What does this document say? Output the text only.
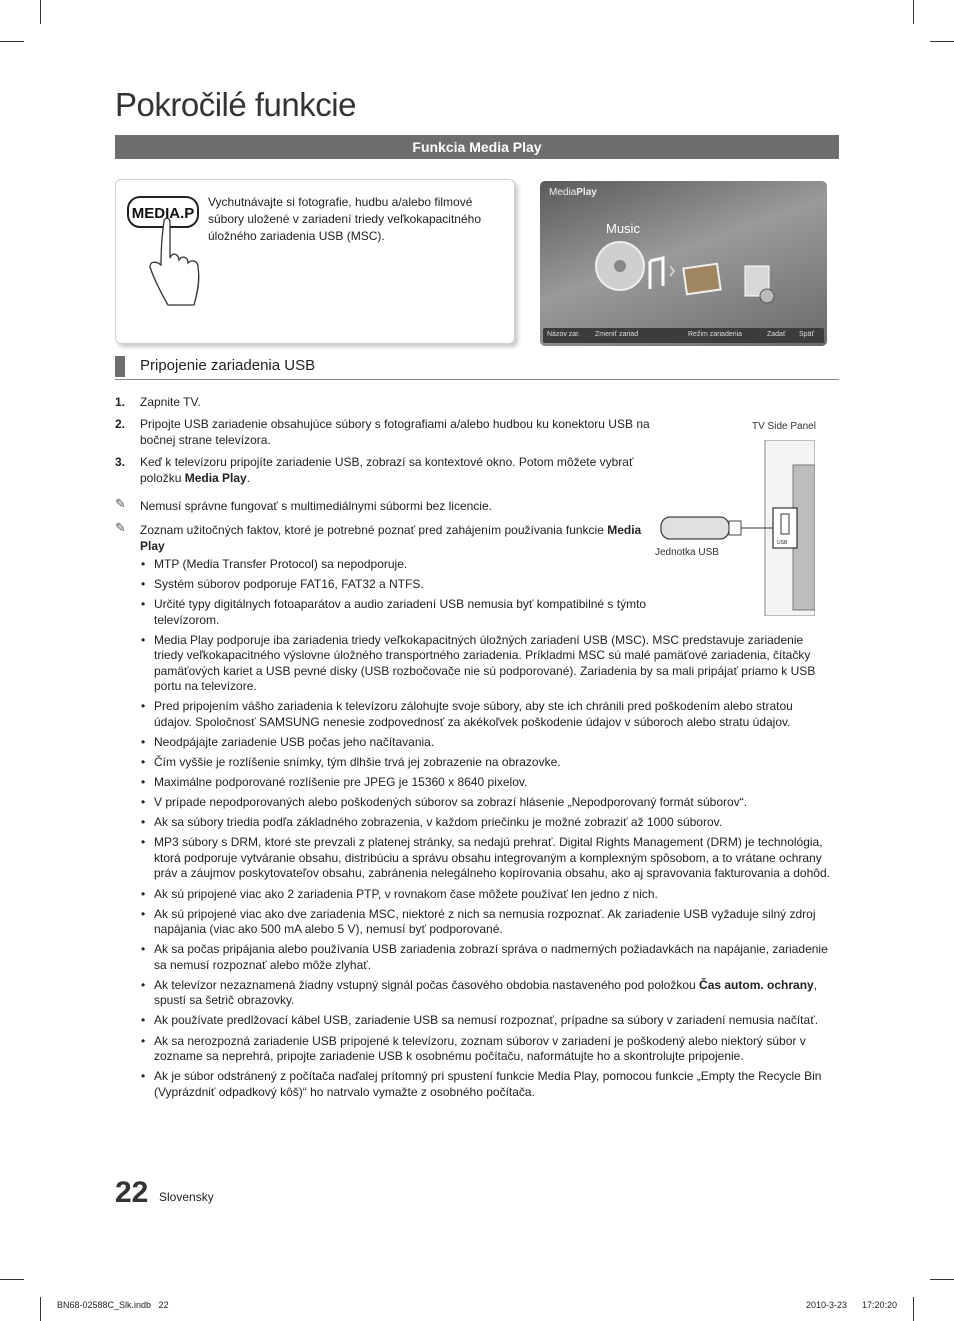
Pokročilé funkcie
Funkcia Media Play
MEDIA.P
Vychutnávajte si fotografie, hudbu a/alebo filmové súbory uložené v zariadení triedy veľkokapacitného úložného zariadenia USB (MSC).
MediaPlay
Music
Názov zar. Zmeniť zariad	Režim zariadenia	Zadať Späť
Pripojenie zariadenia USB
1. Zapnite TV.
2. Pripojte USB zariadenie obsahujúce súbory s fotografiami a/alebo hudbou ku konektoru USB na bočnej strane televízora.
3. Keď k televízoru pripojíte zariadenie USB, zobrazí sa kontextové okno. Potom môžete vybrať položku Media Play.
✎ Nemusí správne fungovať s multimediálnymi súbormi bez licencie.
✎ Zoznam užitočných faktov, ktoré je potrebné poznať pred zahájením používania funkcie Media Play
• MTP (Media Transfer Protocol) sa nepodporuje.
• Systém súborov podporuje FAT16, FAT32 a NTFS.
• Určité typy digitálnych fotoaparátov a audio zariadení USB nemusia byť kompatibilné s týmto televízorom.
• Media Play podporuje iba zariadenia triedy veľkokapacitných úložných zariadení USB (MSC). MSC predstavuje zariadenie triedy veľkokapacitného výslovne úložného transportného zariadenia. Príkladmi MSC sú malé pamäťové zariadenia, čítačky pamäťových kariet a USB pevné disky (USB rozbočovače nie sú podporované). Zariadenia by sa mali pripájať priamo k USB portu na televízore.
• Pred pripojením vášho zariadenia k televízoru zálohujte svoje súbory, aby ste ich chránili pred poškodením alebo stratou údajov. Spoločnosť SAMSUNG nenesie zodpovednosť za akékoľvek poškodenie údajov v súboroch alebo stratu údajov.
• Neodpájajte zariadenie USB počas jeho načítavania.
• Čím vyššie je rozlíšenie snímky, tým dlhšie trvá jej zobrazenie na obrazovke.
• Maximálne podporované rozlíšenie pre JPEG je 15360 x 8640 pixelov.
• V prípade nepodporovaných alebo poškodených súborov sa zobrazí hlásenie „Nepodporovaný formát súborov“.
• Ak sa súbory triedia podľa základného zobrazenia, v každom priečinku je možné zobraziť až 1000 súborov.
• MP3 súbory s DRM, ktoré ste prevzali z platenej stránky, sa nedajú prehrať. Digital Rights Management (DRM) je technológia, ktorá podporuje vytváranie obsahu, distribúciu a správu obsahu integrovaným a komplexným spôsobom, a to vrátane ochrany práv a záujmov poskytovateľov obsahu, zabránenia nelegálneho kopírovania obsahu, ako aj spravovania fakturovania a dohôd.
• Ak sú pripojené viac ako 2 zariadenia PTP, v rovnakom čase môžete používať len jedno z nich.
• Ak sú pripojené viac ako dve zariadenia MSC, niektoré z nich sa nemusia rozpoznať. Ak zariadenie USB vyžaduje silný zdroj napájania (viac ako 500 mA alebo 5 V), nemusí byť podporované.
• Ak sa počas pripájania alebo používania USB zariadenia zobrazí správa o nadmerných požiadavkách na napájanie, zariadenie sa nemusí rozpoznať alebo môže zlyhať.
• Ak televízor nezaznamená žiadny vstupný signál počas časového obdobia nastaveného pod položkou Čas autom. ochrany, spustí sa šetrič obrazovky.
• Ak používate predlžovací kábel USB, zariadenie USB sa nemusí rozpoznať, prípadne sa súbory v zariadení nemusia načítať.
• Ak sa nerozpozná zariadenie USB pripojené k televízoru, zoznam súborov v zariadení je poškodený alebo niektorý súbor v zozname sa neprehrá, pripojte zariadenie USB k osobnému počítaču, naformátujte ho a skontrolujte pripojenie.
• Ak je súbor odstránený z počítača naďalej prítomný pri spustení funkcie Media Play, pomocou funkcie „Empty the Recycle Bin (Vyprázdniť odpadkový kôš)“ ho natrvalo vymažte z osobného počítača.
TV Side Panel
USB
Jednotka USB
22 Slovensky
BN68-02588C_Slk.indb   22	2010-3-23 17:20:20
